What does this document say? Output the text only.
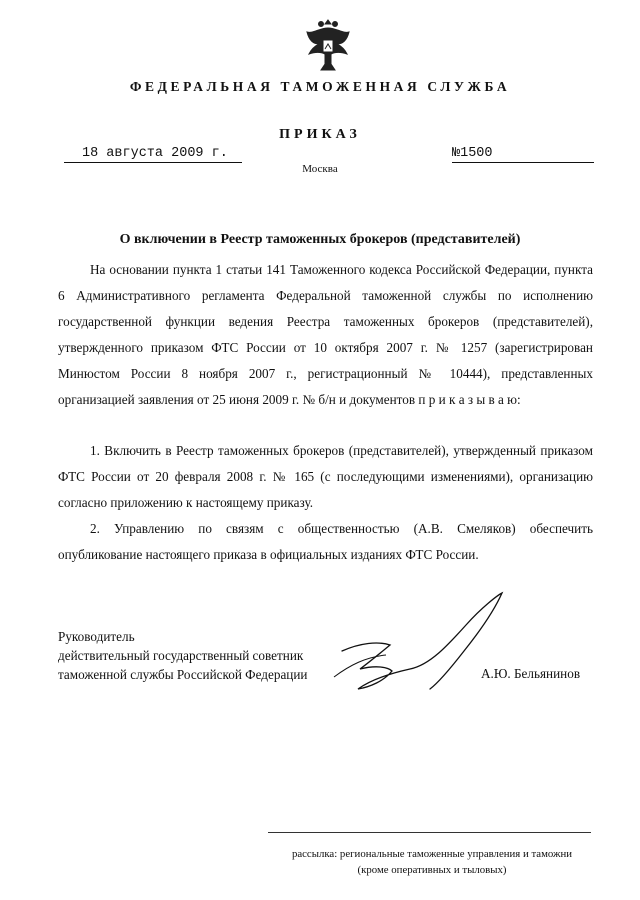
ФЕДЕРАЛЬНАЯ ТАМОЖЕННАЯ СЛУЖБА
ПРИКАЗ
18 августа 2009 г.	№1500
Москва
О включении в Реестр таможенных брокеров (представителей)

На основании пункта 1 статьи 141 Таможенного кодекса Российской Федерации, пункта 6 Административного регламента Федеральной таможенной службы по исполнению государственной функции ведения Реестра таможенных брокеров (представителей), утвержденного приказом ФТС России от 10 октября 2007 г. № 1257 (зарегистрирован Минюстом России 8 ноября 2007 г., регистрационный № 10444), представленных организацией заявления от 25 июня 2009 г. № б/н и документов п р и к а з ы в а ю:

1. Включить в Реестр таможенных брокеров (представителей), утвержденный приказом ФТС России от 20 февраля 2008 г. № 165 (с последующими изменениями), организацию согласно приложению к настоящему приказу.

2. Управлению по связям с общественностью (А.В. Смеляков) обеспечить опубликование настоящего приказа в официальных изданиях ФТС России.

Руководитель
действительный государственный советник
таможенной службы Российской Федерации	А.Ю. Бельянинов
рассылка: региональные таможенные управления и таможни
(кроме оперативных и тыловых)
